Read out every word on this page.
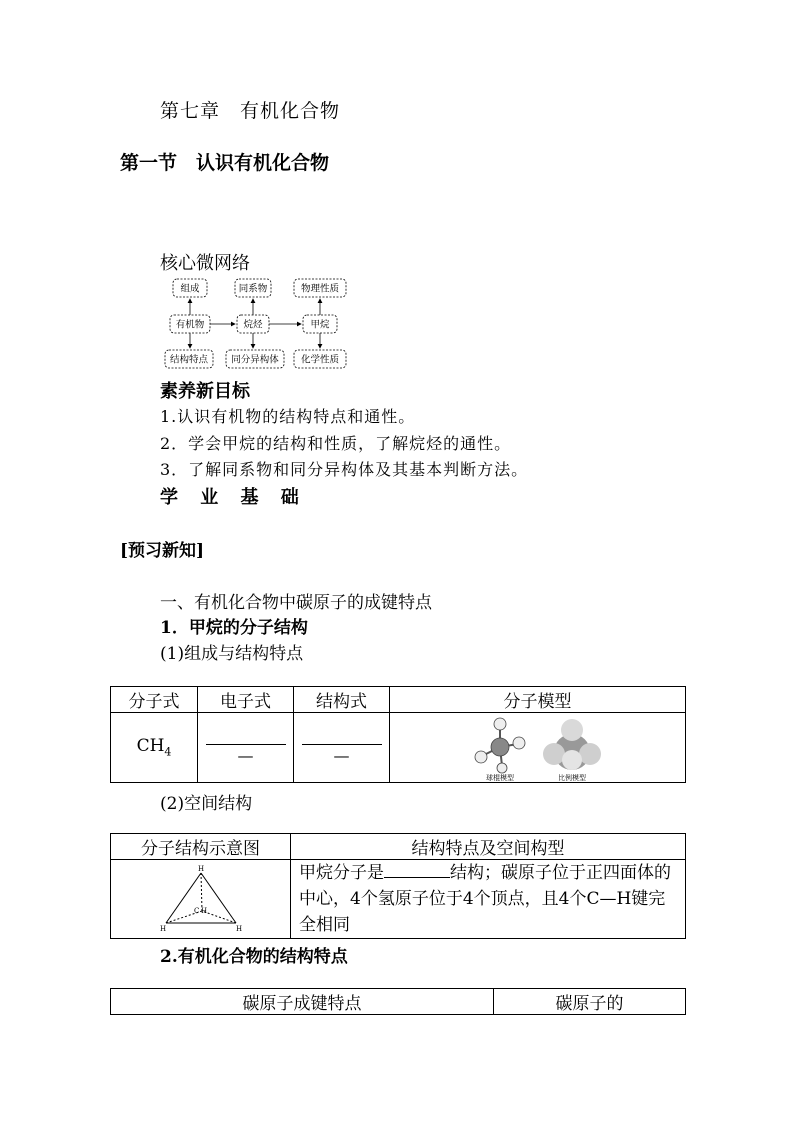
第七章　有机化合物
第一节　认识有机化合物
核心微网络
组成	同系物	物理性质
有机物	烷烃	甲烷
结构特点 同分异构体 化学性质
素养新目标
1.认识有机物的结构特点和通性。
2．学会甲烷的结构和性质，了解烷烃的通性。
3．了解同系物和同分异构体及其基本判断方法。
学 业 基 础
[预习新知]
一、有机化合物中碳原子的成键特点
1．甲烷的分子结构
(1)组成与结构特点
分子式	电子式	结构式	分子模型
$CH_4$	—	—	球棍模型 比例模型
(2)空间结构
分子结构示意图	结构特点及空间构型

H
C H
H H	甲烷分子是 结构；碳原子位于正四面体的中心，4个氢原子位于4个顶点，且4个C—H键完全相同
2.有机化合物的结构特点
碳原子成键特点	碳原子的
